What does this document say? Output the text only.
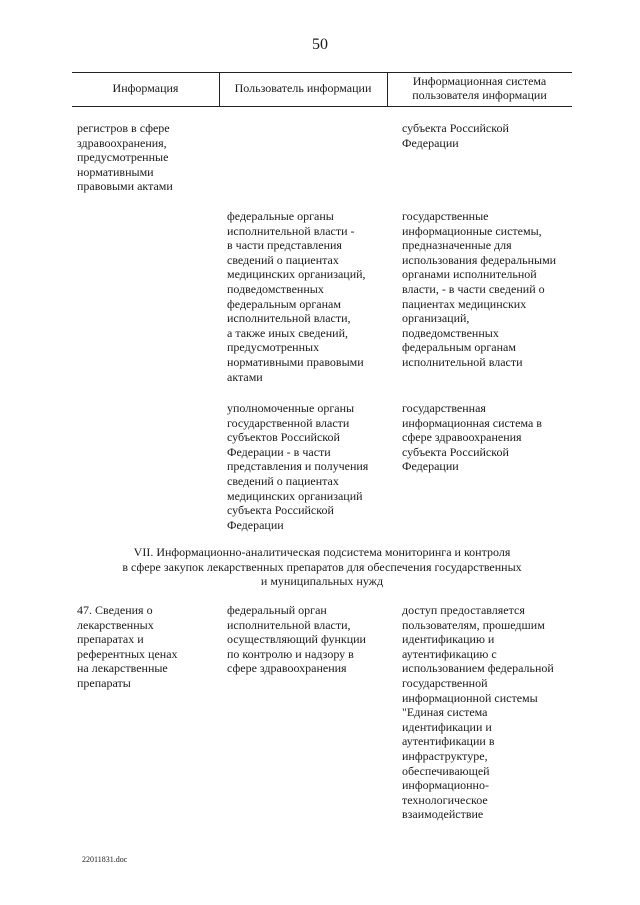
50
Информация	Пользователь информации	Информационная система
пользователя информации
регистров в сфере
здравоохранения,
предусмотренные
нормативными
правовыми актами
субъекта Российской
Федерации
федеральные органы
исполнительной власти -
в части представления
сведений о пациентах
медицинских организаций,
подведомственных
федеральным органам
исполнительной власти,
а также иных сведений,
предусмотренных
нормативными правовыми
актами
государственные
информационные системы,
предназначенные для
использования федеральными
органами исполнительной
власти, - в части сведений о
пациентах медицинских
организаций,
подведомственных
федеральным органам
исполнительной власти
уполномоченные органы
государственной власти
субъектов Российской
Федерации - в части
представления и получения
сведений о пациентах
медицинских организаций
субъекта Российской
Федерации
государственная
информационная система в
сфере здравоохранения
субъекта Российской
Федерации
VII. Информационно-аналитическая подсистема мониторинга и контроля
в сфере закупок лекарственных препаратов для обеспечения государственных
и муниципальных нужд
47. Сведения о
лекарственных
препаратах и
референтных ценах
на лекарственные
препараты
федеральный орган
исполнительной власти,
осуществляющий функции
по контролю и надзору в
сфере здравоохранения
доступ предоставляется
пользователям, прошедшим
идентификацию и
аутентификацию с
использованием федеральной
государственной
информационной системы
"Единая система
идентификации и
аутентификации в
инфраструктуре,
обеспечивающей
информационно-
технологическое
взаимодействие
22011831.doc
